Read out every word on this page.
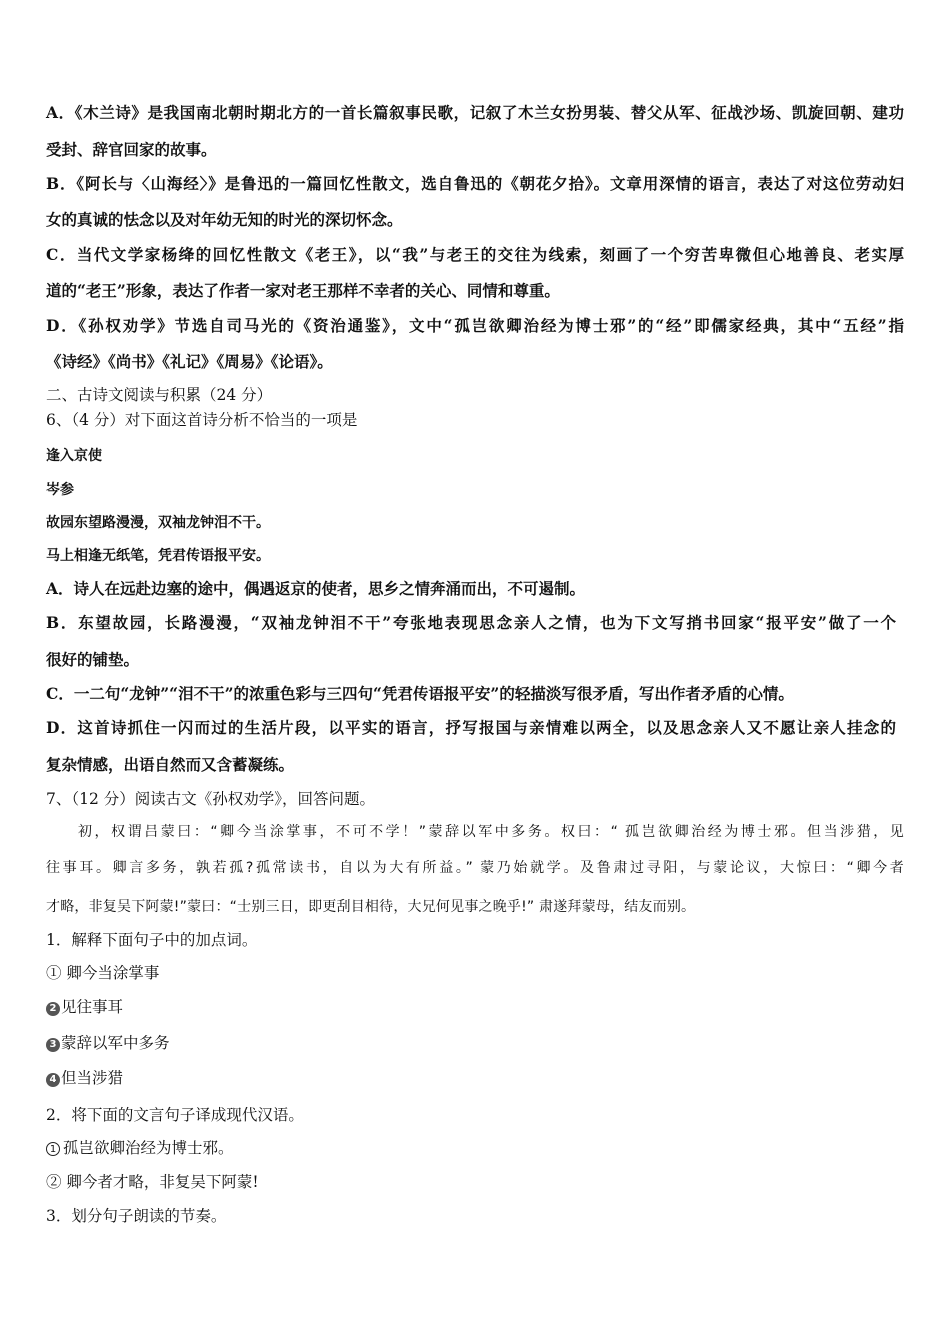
A．《木兰诗》是我国南北朝时期北方的一首长篇叙事民歌，记叙了木兰女扮男装、替父从军、征战沙场、凯旋回朝、建功
受封、辞官回家的故事。
B．《阿长与〈山海经〉》是鲁迅的一篇回忆性散文，选自鲁迅的《朝花夕拾》。文章用深情的语言，表达了对这位劳动妇
女的真诚的怯念以及对年幼无知的时光的深切怀念。
C．当代文学家杨绛的回忆性散文《老王》，以“我”与老王的交往为线索，刻画了一个穷苦卑微但心地善良、老实厚
道的“老王”形象，表达了作者一家对老王那样不幸者的关心、同情和尊重。
D．《孙权劝学》节选自司马光的《资治通鉴》，文中“孤岂欲卿治经为博士邪”的“经”即儒家经典，其中“五经”指
《诗经》《尚书》《礼记》《周易》《论语》。
二、古诗文阅读与积累（24 分）
6、（4 分）对下面这首诗分析不恰当的一项是
逢入京使
岑参
故园东望路漫漫，双袖龙钟泪不干。
马上相逢无纸笔，凭君传语报平安。
A．诗人在远赴边塞的途中，偶遇返京的使者，思乡之情奔涌而出，不可遏制。
B．东望故园，长路漫漫，“双袖龙钟泪不干”夸张地表现思念亲人之情，也为下文写捎书回家“报平安”做了一个
很好的铺垫。
C．一二句“龙钟”“泪不干”的浓重色彩与三四句“凭君传语报平安”的轻描淡写很矛盾，写出作者矛盾的心情。
D．这首诗抓住一闪而过的生活片段，以平实的语言，抒写报国与亲情难以两全，以及思念亲人又不愿让亲人挂念的
复杂情感，出语自然而又含蓄凝练。
7、（12 分）阅读古文《孙权劝学》，回答问题。
初，权谓吕蒙曰：“卿今当涂掌事，不可不学！”蒙辞以军中多务。权曰：“ 孤岂欲卿治经为博士邪。但当涉猎，见
往事耳。卿言多务，孰若孤?孤常读书，自以为大有所益。” 蒙乃始就学。及鲁肃过寻阳，与蒙论议，大惊曰：“卿今者
才略，非复吴下阿蒙!”蒙曰：“士别三日，即更刮目相待，大兄何见事之晚乎!” 肃遂拜蒙母，结友而别。
1．解释下面句子中的加点词。
① 卿今当涂掌事
2 见往事耳
3 蒙辞以军中多务
4 但当涉猎
2．将下面的文言句子译成现代汉语。
1 孤岂欲卿治经为博士邪。
② 卿今者才略，非复吴下阿蒙!
3．划分句子朗读的节奏。
